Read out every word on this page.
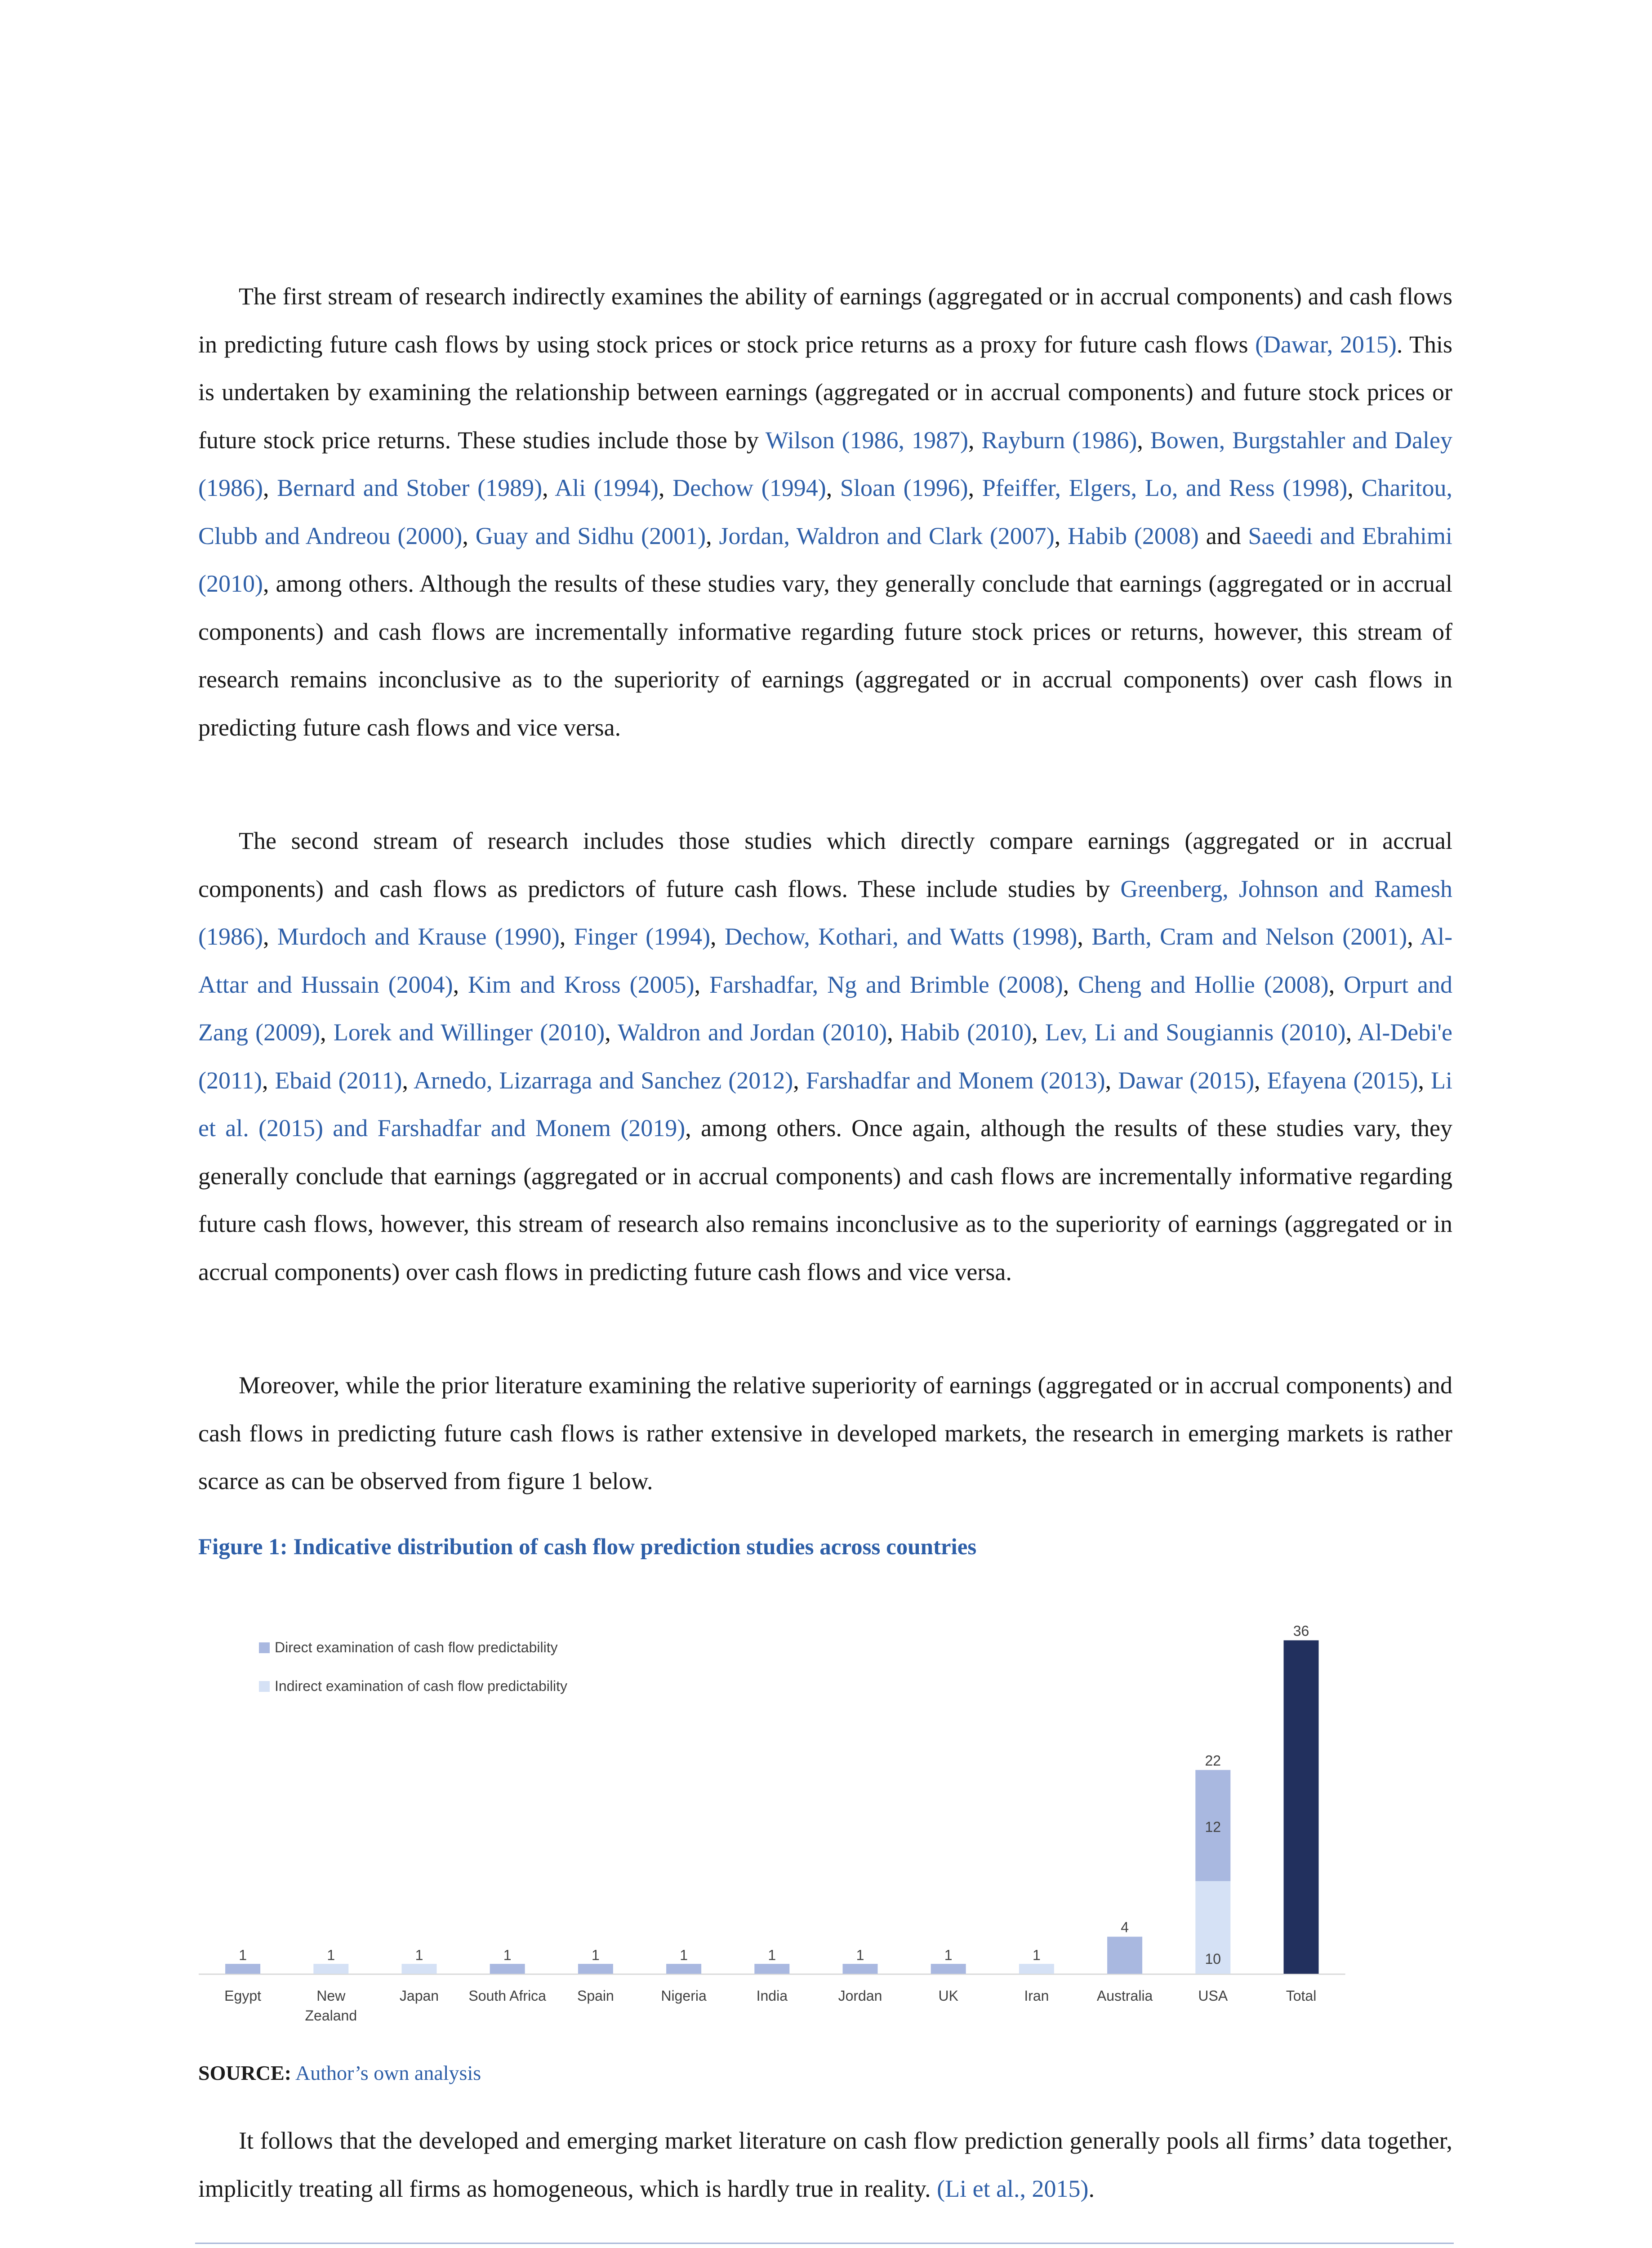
The first stream of research indirectly examines the ability of earnings (aggregated or in accrual components) and cash flows in predicting future cash flows by using stock prices or stock price returns as a proxy for future cash flows (Dawar, 2015). This is undertaken by examining the relationship between earnings (aggregated or in accrual components) and future stock prices or future stock price returns. These studies include those by Wilson (1986, 1987), Rayburn (1986), Bowen, Burgstahler and Daley (1986), Bernard and Stober (1989), Ali (1994), Dechow (1994), Sloan (1996), Pfeiffer, Elgers, Lo, and Ress (1998), Charitou, Clubb and Andreou (2000), Guay and Sidhu (2001), Jordan, Waldron and Clark (2007), Habib (2008) and Saeedi and Ebrahimi (2010), among others. Although the results of these studies vary, they generally conclude that earnings (aggregated or in accrual components) and cash flows are incrementally informative regarding future stock prices or returns, however, this stream of research remains inconclusive as to the superiority of earnings (aggregated or in accrual components) over cash flows in predicting future cash flows and vice versa.

The second stream of research includes those studies which directly compare earnings (aggregated or in accrual components) and cash flows as predictors of future cash flows. These include studies by Greenberg, Johnson and Ramesh (1986), Murdoch and Krause (1990), Finger (1994), Dechow, Kothari, and Watts (1998), Barth, Cram and Nelson (2001), Al-Attar and Hussain (2004), Kim and Kross (2005), Farshadfar, Ng and Brimble (2008), Cheng and Hollie (2008), Orpurt and Zang (2009), Lorek and Willinger (2010), Waldron and Jordan (2010), Habib (2010), Lev, Li and Sougiannis (2010), Al-Debi'e (2011), Ebaid (2011), Arnedo, Lizarraga and Sanchez (2012), Farshadfar and Monem (2013), Dawar (2015), Efayena (2015), Li et al. (2015) and Farshadfar and Monem (2019), among others. Once again, although the results of these studies vary, they generally conclude that earnings (aggregated or in accrual components) and cash flows are incrementally informative regarding future cash flows, however, this stream of research also remains inconclusive as to the superiority of earnings (aggregated or in accrual components) over cash flows in predicting future cash flows and vice versa.

Moreover, while the prior literature examining the relative superiority of earnings (aggregated or in accrual components) and cash flows in predicting future cash flows is rather extensive in developed markets, the research in emerging markets is rather scarce as can be observed from figure 1 below.

Figure 1: Indicative distribution of cash flow prediction studies across countries
1	1	1	1	1	1	1	1	1	1
4
10
12
22
36
Egypt	New
Zealand
Japan South Africa Spain	Nigeria	India	Jordan	UK	Iran	Australia	USA	Total
Direct examination of cash flow predictability
Indirect examination of cash flow predictability
SOURCE: Author’s own analysis

It follows that the developed and emerging market literature on cash flow prediction generally pools all firms’ data together, implicitly treating all firms as homogeneous, which is hardly true in reality. (Li et al., 2015).
